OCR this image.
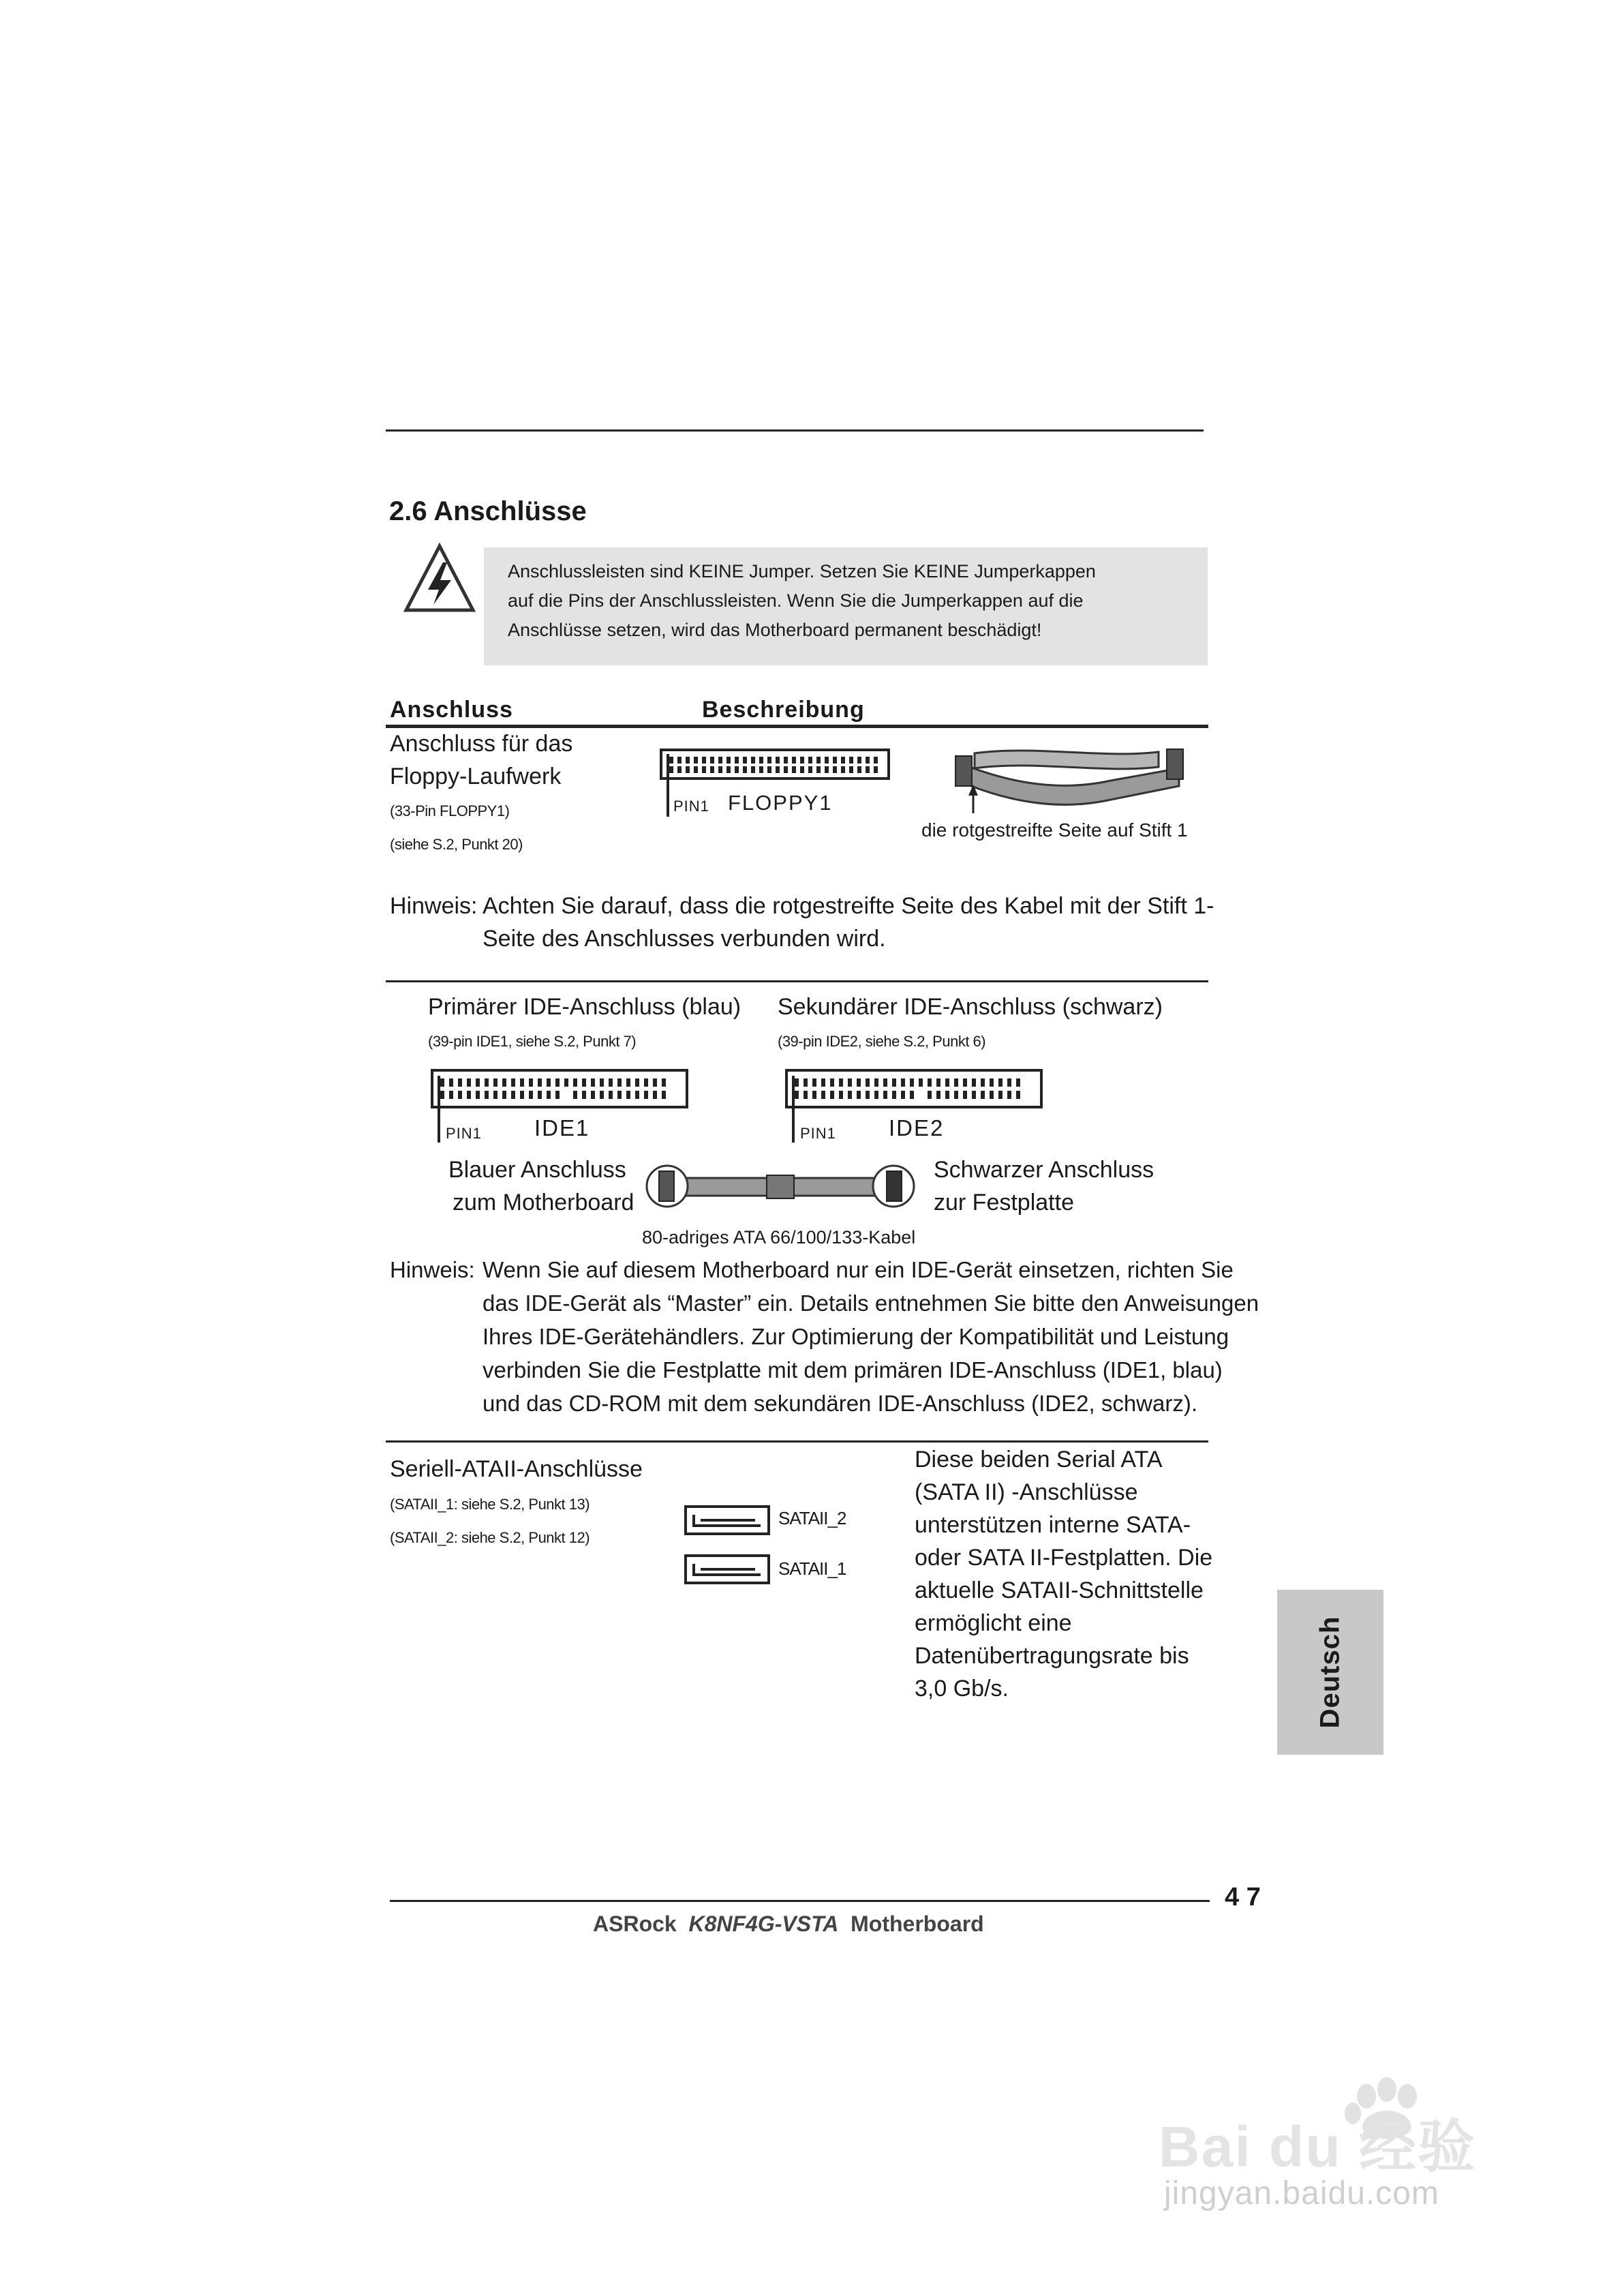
2.6 Anschlüsse
Anschlussleisten sind KEINE Jumper. Setzen Sie KEINE Jumperkappen
auf die Pins der Anschlussleisten. Wenn Sie die Jumperkappen auf die
Anschlüsse setzen, wird das Motherboard permanent beschädigt!
Anschluss	Beschreibung
Anschluss für das
Floppy-Laufwerk
(33-Pin FLOPPY1)
(siehe S.2, Punkt 20)
PIN1 FLOPPY1
die rotgestreifte Seite auf Stift 1
Hinweis: Achten Sie darauf, dass die rotgestreifte Seite des Kabel mit der Stift 1-
Seite des Anschlusses verbunden wird.
Primärer IDE-Anschluss (blau)
(39-pin IDE1, siehe S.2, Punkt 7)
Sekundärer IDE-Anschluss (schwarz)
(39-pin IDE2, siehe S.2, Punkt 6)
PIN1 IDE1	PIN1 IDE2
Blauer Anschluss
zum Motherboard
Schwarzer Anschluss
zur Festplatte
80-adriges ATA 66/100/133-Kabel
Hinweis: Wenn Sie auf diesem Motherboard nur ein IDE-Gerät einsetzen, richten Sie
das IDE-Gerät als “Master” ein. Details entnehmen Sie bitte den Anweisungen
Ihres IDE-Gerätehändlers. Zur Optimierung der Kompatibilität und Leistung
verbinden Sie die Festplatte mit dem primären IDE-Anschluss (IDE1, blau)
und das CD-ROM mit dem sekundären IDE-Anschluss (IDE2, schwarz).
Seriell-ATAII-Anschlüsse
(SATAII_1: siehe S.2, Punkt 13)
(SATAII_2: siehe S.2, Punkt 12)
SATAII_2
SATAII_1
Diese beiden Serial ATA
(SATA II) -Anschlüsse
unterstützen interne SATA-
oder SATA II-Festplatten. Die
aktuelle SATAII-Schnittstelle
ermöglicht eine
Datenübertragungsrate bis
3,0 Gb/s.	Deutsch
4 7
ASRock K8NF4G-VSTA Motherboard
Bai du 经验
jingyan.baidu.com
